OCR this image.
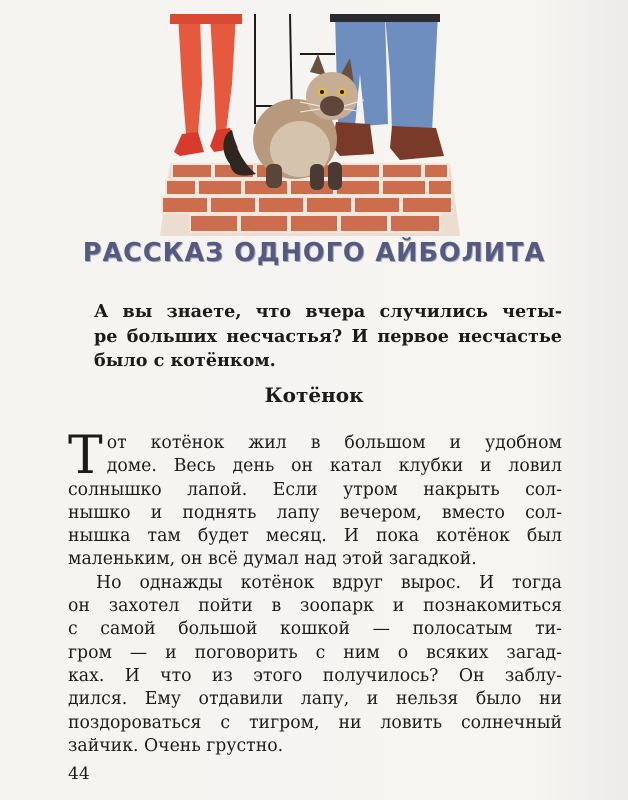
РАССКАЗ ОДНОГО АЙБОЛИТА
А вы знаете, что вчера случились четы-
ре больших несчастья? И первое несчастье
было с котёнком.
Котёнок
Т от котёнок жил в большом и удобном
доме. Весь день он катал клубки и ловил
солнышко лапой. Если утром накрыть сол-
нышко и поднять лапу вечером, вместо сол-
нышка там будет месяц. И пока котёнок был
маленьким, он всё думал над этой загадкой.
Но однажды котёнок вдруг вырос. И тогда
он захотел пойти в зоопарк и познакомиться
с самой большой кошкой — полосатым ти-
гром — и поговорить с ним о всяких загад-
ках. И что из этого получилось? Он заблу-
дился. Ему отдавили лапу, и нельзя было ни
поздороваться с тигром, ни ловить солнечный
зайчик. Очень грустно.
44
